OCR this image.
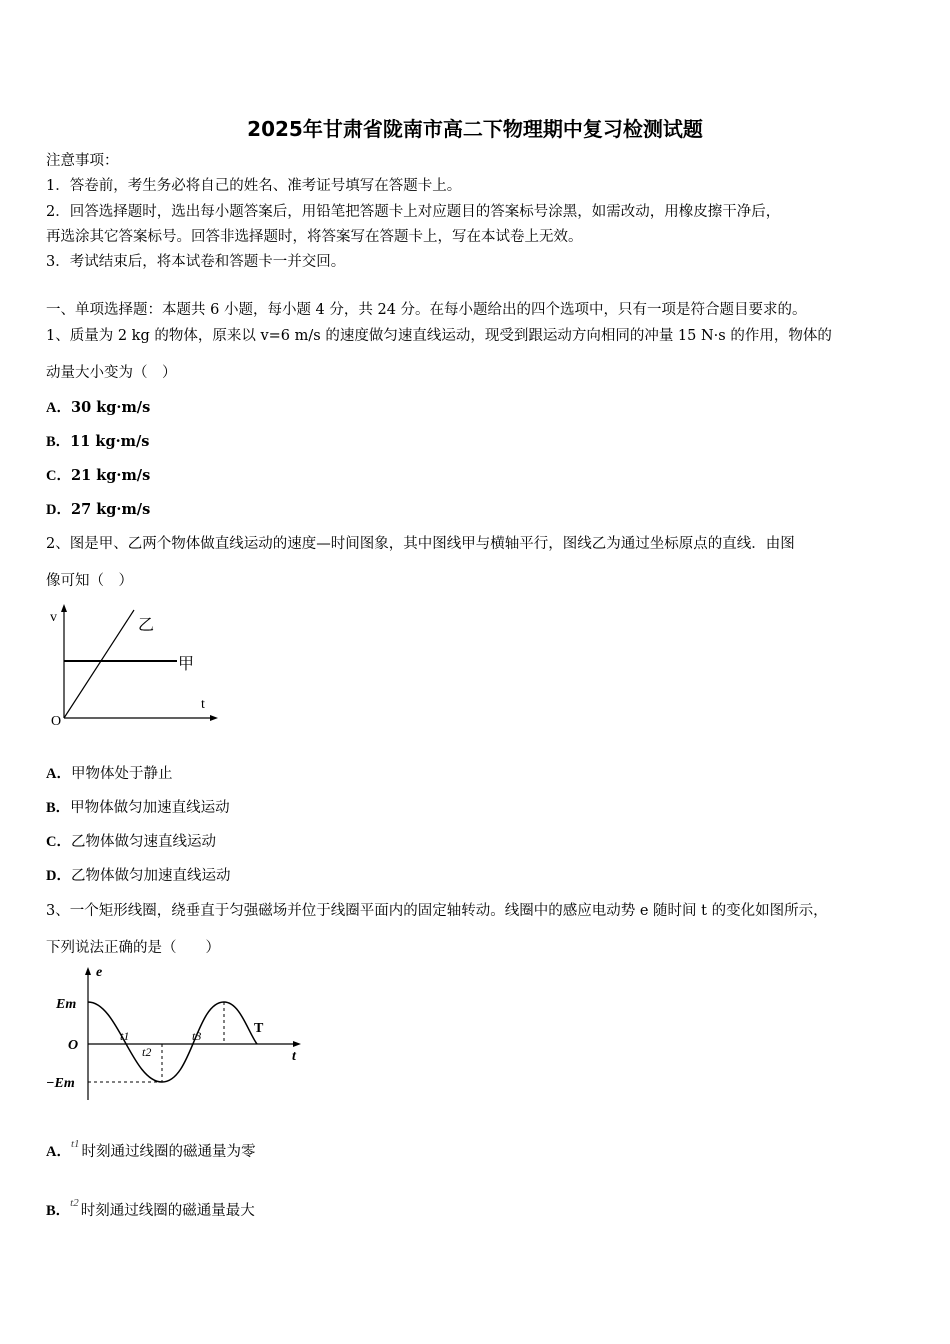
2025年甘肃省陇南市高二下物理期中复习检测试题
注意事项：
1．答卷前，考生务必将自己的姓名、准考证号填写在答题卡上。
2．回答选择题时，选出每小题答案后，用铅笔把答题卡上对应题目的答案标号涂黑，如需改动，用橡皮擦干净后，
再选涂其它答案标号。回答非选择题时，将答案写在答题卡上，写在本试卷上无效。
3．考试结束后，将本试卷和答题卡一并交回。
一、单项选择题：本题共 6 小题，每小题 4 分，共 24 分。在每小题给出的四个选项中，只有一项是符合题目要求的。
1、质量为 2 kg 的物体，原来以 v=6 m/s 的速度做匀速直线运动，现受到跟运动方向相同的冲量 15 N·s 的作用，物体的
动量大小变为（　）
A．30 kg·m/s
B．11 kg·m/s
C．21 kg·m/s
D．27 kg·m/s
2、图是甲、乙两个物体做直线运动的速度—时间图象，其中图线甲与横轴平行，图线乙为通过坐标原点的直线．由图
像可知（　）
v
t
O
乙
甲
A．甲物体处于静止
B．甲物体做匀加速直线运动
C．乙物体做匀速直线运动
D．乙物体做匀加速直线运动
3、一个矩形线圈，绕垂直于匀强磁场并位于线圈平面内的固定轴转动。线圈中的感应电动势 e 随时间 t 的变化如图所示，
下列说法正确的是（　　）
e
Em
O
−Em
t1
t2
t3	T
t
A．$^{t1}$ 时刻通过线圈的磁通量为零
B．$^{t2}$ 时刻通过线圈的磁通量最大
